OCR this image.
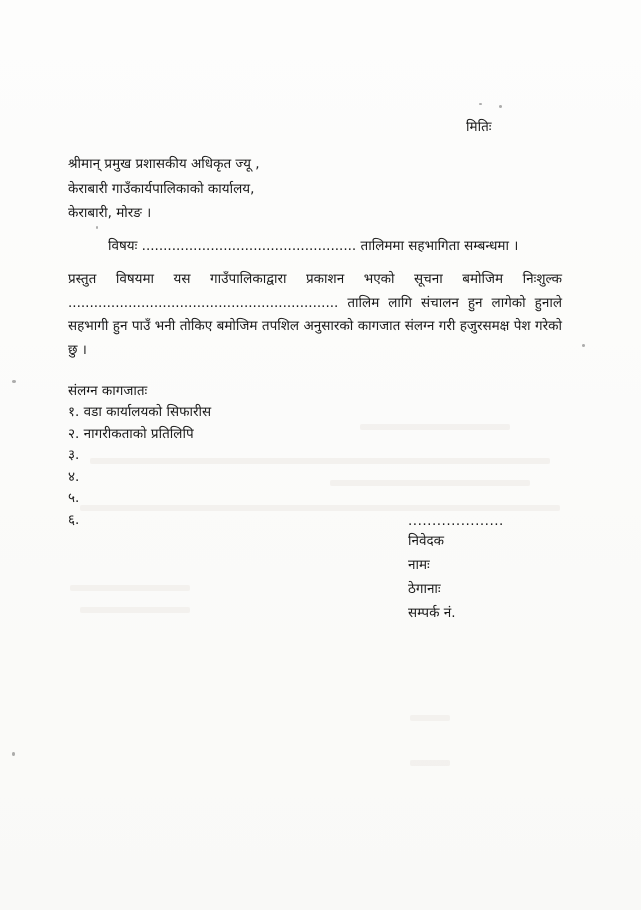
मितिः
श्रीमान् प्रमुख प्रशासकीय अधिकृत ज्यू ,
केराबारी गाउँकार्यपालिकाको कार्यालय,
केराबारी, मोरङ ।
विषयः .................................................. तालिममा सहभागिता सम्बन्धमा ।
प्रस्तुत विषयमा यस गाउँपालिकाद्वारा प्रकाशन भएको सूचना बमोजिम निःशुल्क ............................................................... तालिम लागि संचालन हुन लागेको हुनाले सहभागी हुन पाउँ भनी तोकिए बमोजिम तपशिल अनुसारको कागजात संलग्न गरी हजुरसमक्ष पेश गरेको छु ।
संलग्न कागजातः
१. वडा कार्यालयको सिफारीस
२. नागरीकताको प्रतिलिपि
३.
४.
५.
६.	....................
निवेदक
नामः
ठेगानाः
सम्पर्क नं.
